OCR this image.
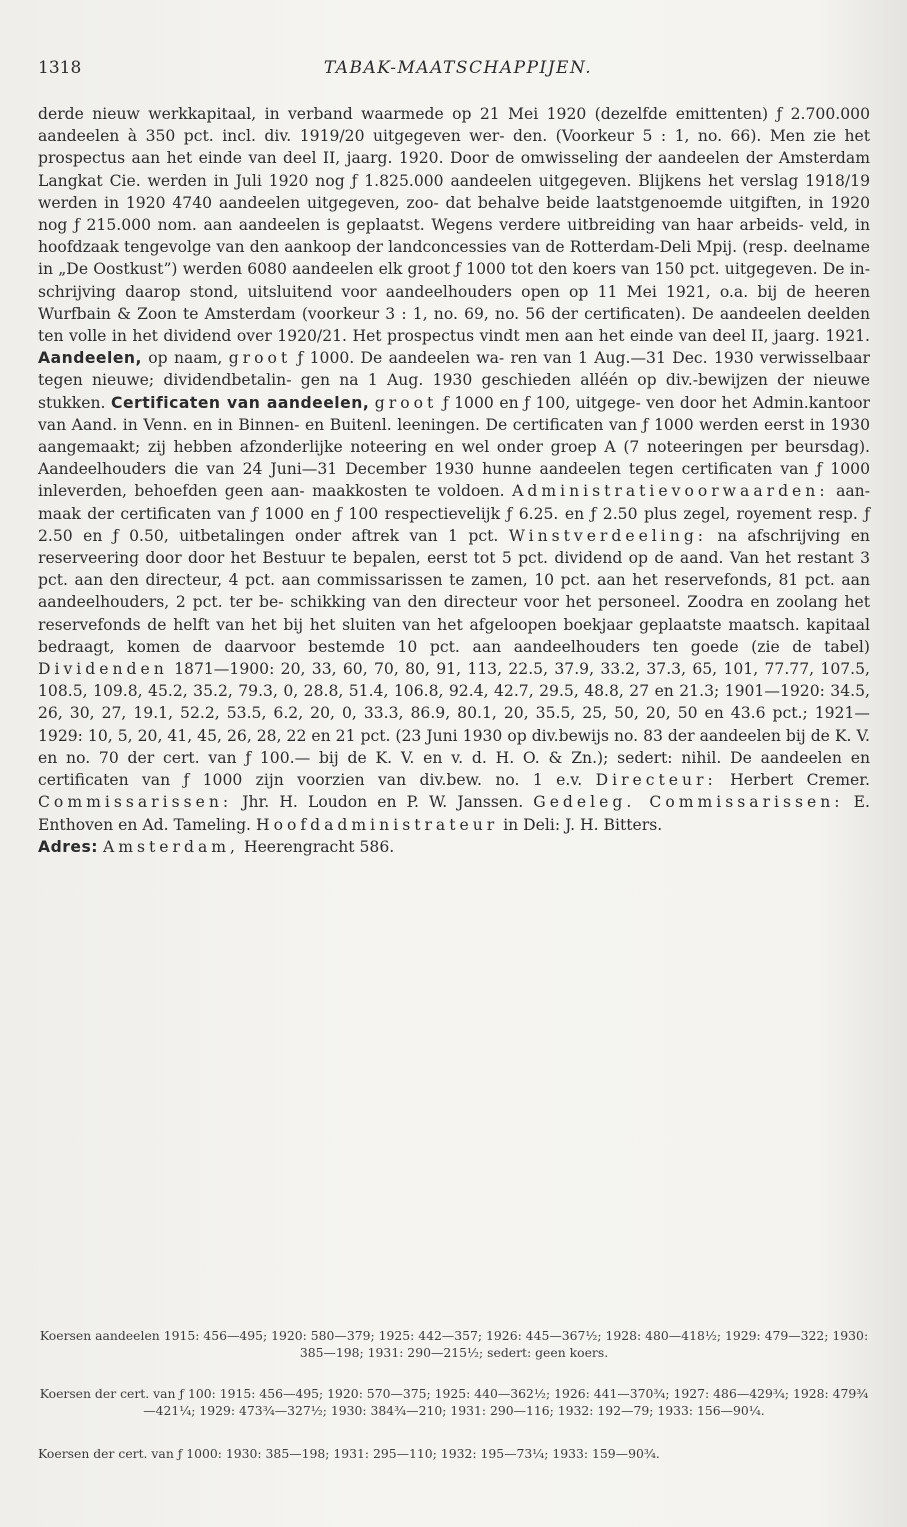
1318	TABAK-MAATSCHAPPIJEN.

derde nieuw werkkapitaal, in verband waarmede op 21 Mei 1920 (dezelfde emittenten) ƒ 2.700.000 aandeelen à 350 pct. incl. div. 1919/20 uitgegeven wer- den. (Voorkeur 5 : 1, no. 66). Men zie het prospectus aan het einde van deel II, jaarg. 1920. Door de omwisseling der aandeelen der Amsterdam Langkat Cie. werden in Juli 1920 nog ƒ 1.825.000 aandeelen uitgegeven. Blijkens het verslag 1918/19 werden in 1920 4740 aandeelen uitgegeven, zoo- dat behalve beide laatstgenoemde uitgiften, in 1920 nog ƒ 215.000 nom. aan aandeelen is geplaatst. Wegens verdere uitbreiding van haar arbeids- veld, in hoofdzaak tengevolge van den aankoop der landconcessies van de Rotterdam-Deli Mpij. (resp. deelname in „De Oostkust”) werden 6080 aandeelen elk groot ƒ 1000 tot den koers van 150 pct. uitgegeven. De in- schrijving daarop stond, uitsluitend voor aandeelhouders open op 11 Mei 1921, o.a. bij de heeren Wurfbain & Zoon te Amsterdam (voorkeur 3 : 1, no. 69, no. 56 der certificaten). De aandeelen deelden ten volle in het dividend over 1920/21. Het prospectus vindt men aan het einde van deel II, jaarg. 1921. Aandeelen, op naam, groot ƒ 1000. De aandeelen wa- ren van 1 Aug.—31 Dec. 1930 verwisselbaar tegen nieuwe; dividendbetalin- gen na 1 Aug. 1930 geschieden alléén op div.-bewijzen der nieuwe stukken. Certificaten van aandeelen, groot ƒ 1000 en ƒ 100, uitgege- ven door het Admin.kantoor van Aand. in Venn. en in Binnen- en Buitenl. leeningen. De certificaten van ƒ 1000 werden eerst in 1930 aangemaakt; zij hebben afzonderlijke noteering en wel onder groep A (7 noteeringen per beursdag). Aandeelhouders die van 24 Juni—31 December 1930 hunne aandeelen tegen certificaten van ƒ 1000 inleverden, behoefden geen aan- maakkosten te voldoen. Administratievoorwaarden: aan- maak der certificaten van ƒ 1000 en ƒ 100 respectievelijk ƒ 6.25. en ƒ 2.50 plus zegel, royement resp. ƒ 2.50 en ƒ 0.50, uitbetalingen onder aftrek van 1 pct. Winstverdeeling: na afschrijving en reserveering door door het Bestuur te bepalen, eerst tot 5 pct. dividend op de aand. Van het restant 3 pct. aan den directeur, 4 pct. aan commissarissen te zamen, 10 pct. aan het reservefonds, 81 pct. aan aandeelhouders, 2 pct. ter be- schikking van den directeur voor het personeel. Zoodra en zoolang het reservefonds de helft van het bij het sluiten van het afgeloopen boekjaar geplaatste maatsch. kapitaal bedraagt, komen de daarvoor bestemde 10 pct. aan aandeelhouders ten goede (zie de tabel) Dividenden 1871—1900: 20, 33, 60, 70, 80, 91, 113, 22.5, 37.9, 33.2, 37.3, 65, 101, 77.77, 107.5, 108.5, 109.8, 45.2, 35.2, 79.3, 0, 28.8, 51.4, 106.8, 92.4, 42.7, 29.5, 48.8, 27 en 21.3; 1901—1920: 34.5, 26, 30, 27, 19.1, 52.2, 53.5, 6.2, 20, 0, 33.3, 86.9, 80.1, 20, 35.5, 25, 50, 20, 50 en 43.6 pct.; 1921—1929: 10, 5, 20, 41, 45, 26, 28, 22 en 21 pct. (23 Juni 1930 op div.bewijs no. 83 der aandeelen bij de K. V. en no. 70 der cert. van ƒ 100.— bij de K. V. en v. d. H. O. & Zn.); sedert: nihil. De aandeelen en certificaten van ƒ 1000 zijn voorzien van div.bew. no. 1 e.v. Directeur: Herbert Cremer. Commissarissen: Jhr. H. Loudon en P. W. Janssen. Gedeleg. Commissarissen: E. Enthoven en Ad. Tameling. Hoofdadministrateur in Deli: J. H. Bitters.

Adres: Amsterdam, Heerengracht 586.

Koersen aandeelen 1915: 456—495; 1920: 580—379; 1925: 442—357; 1926: 445—367½; 1928: 480—418½; 1929: 479—322; 1930: 385—198; 1931: 290—215½; sedert: geen koers.
Koersen der cert. van ƒ 100: 1915: 456—495; 1920: 570—375; 1925: 440—362½; 1926: 441—370¾; 1927: 486—429¾; 1928: 479¾—421¼; 1929: 473¾—327½; 1930: 384¾—210; 1931: 290—116; 1932: 192—79; 1933: 156—90¼.
Koersen der cert. van ƒ 1000: 1930: 385—198; 1931: 295—110; 1932: 195—73¼; 1933: 159—90¾.
